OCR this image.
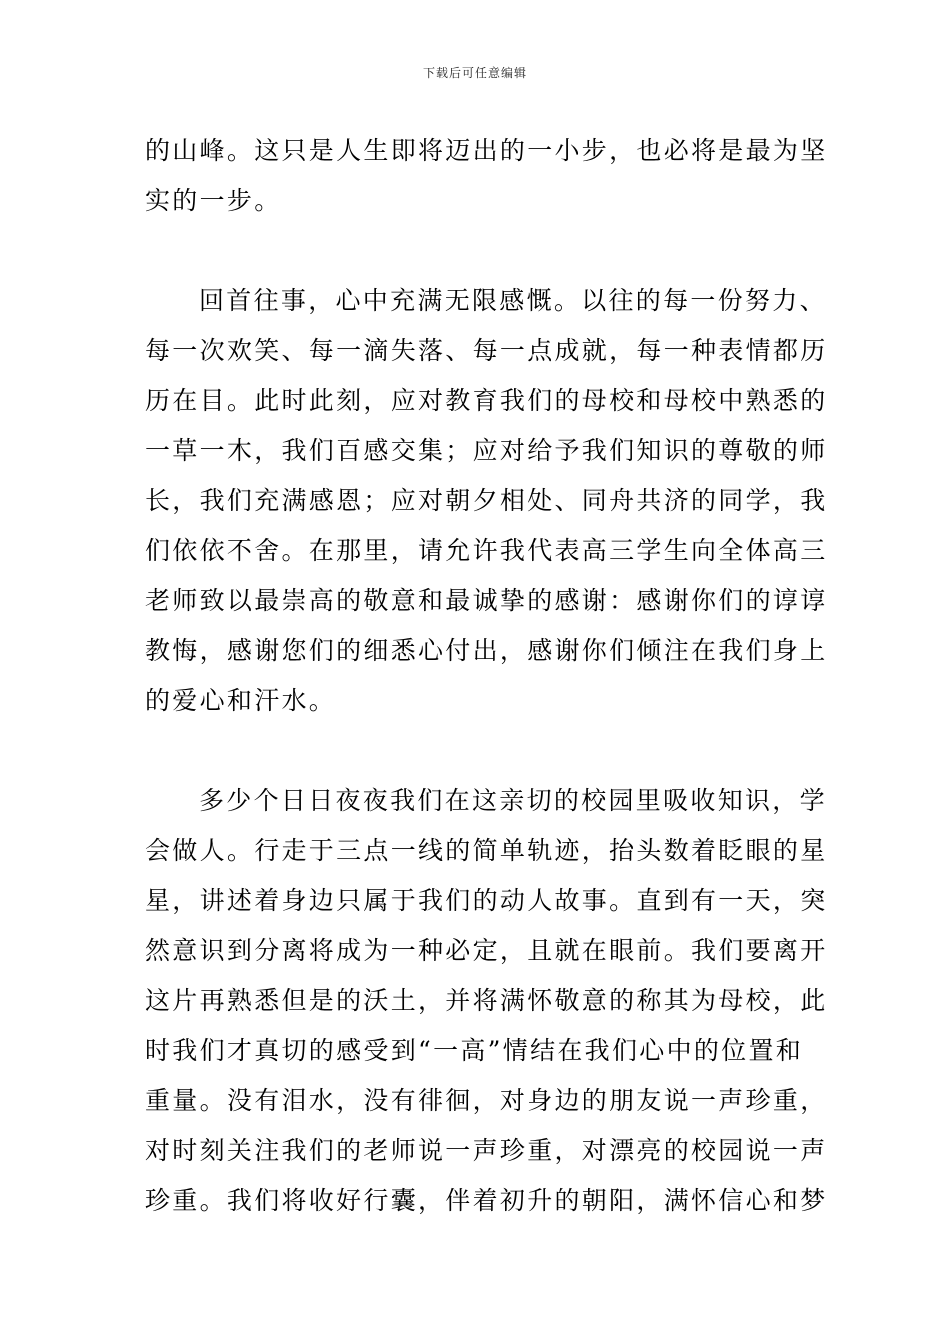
下载后可任意编辑
的山峰。这只是人生即将迈出的一小步，也必将是最为坚
实的一步。
回首往事，心中充满无限感慨。以往的每一份努力、
每一次欢笑、每一滴失落、每一点成就，每一种表情都历
历在目。此时此刻，应对教育我们的母校和母校中熟悉的
一草一木，我们百感交集；应对给予我们知识的尊敬的师
长，我们充满感恩；应对朝夕相处、同舟共济的同学，我
们依依不舍。在那里，请允许我代表高三学生向全体高三
老师致以最崇高的敬意和最诚挚的感谢：感谢你们的谆谆
教悔，感谢您们的细悉心付出，感谢你们倾注在我们身上
的爱心和汗水。
多少个日日夜夜我们在这亲切的校园里吸收知识，学
会做人。行走于三点一线的简单轨迹，抬头数着眨眼的星
星，讲述着身边只属于我们的动人故事。直到有一天，突
然意识到分离将成为一种必定，且就在眼前。我们要离开
这片再熟悉但是的沃土，并将满怀敬意的称其为母校，此
时我们才真切的感受到“一高”情结在我们心中的位置和
重量。没有泪水，没有徘徊，对身边的朋友说一声珍重，
对时刻关注我们的老师说一声珍重，对漂亮的校园说一声
珍重。我们将收好行囊，伴着初升的朝阳，满怀信心和梦
